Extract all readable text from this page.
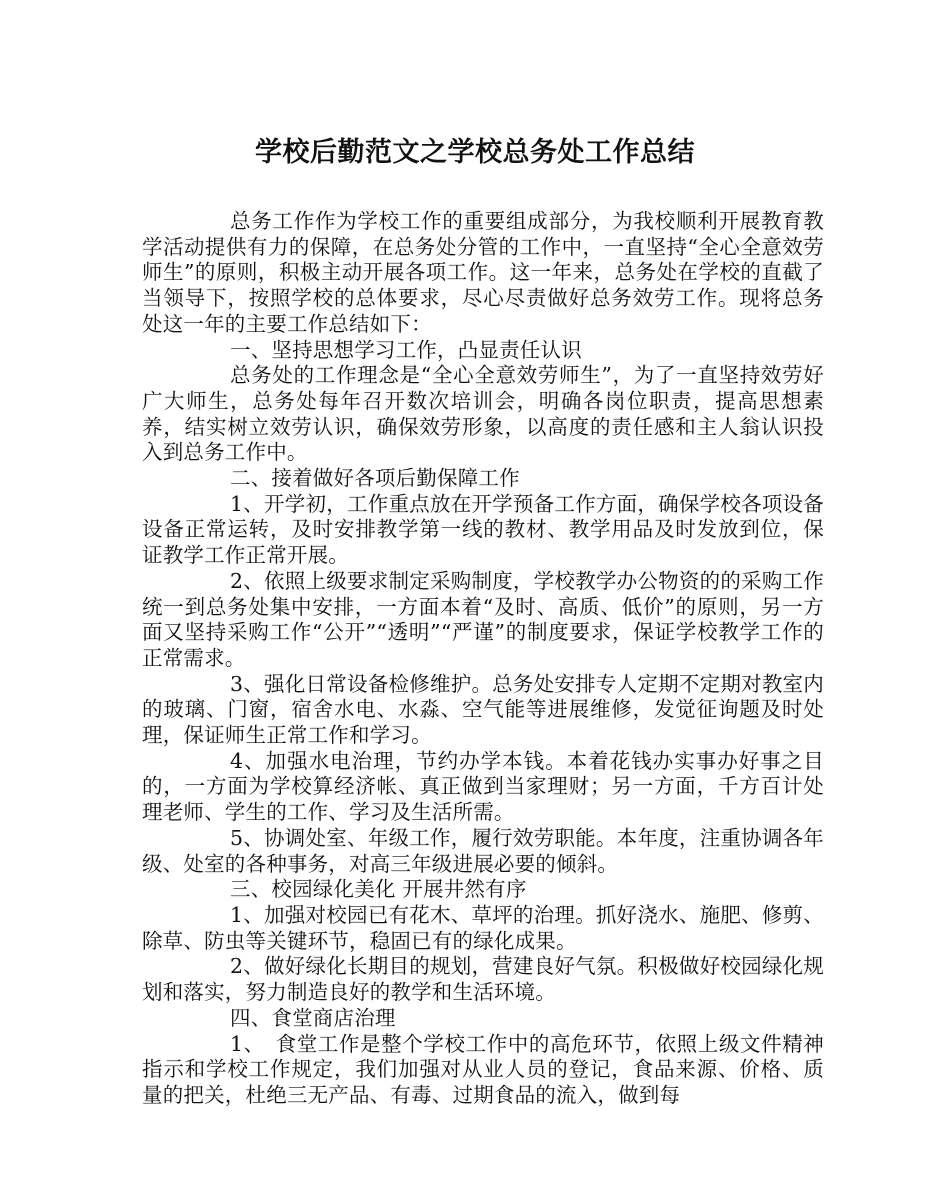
学校后勤范文之学校总务处工作总结

总务工作作为学校工作的重要组成部分，为我校顺利开展教育教学活动提供有力的保障，在总务处分管的工作中，一直坚持“全心全意效劳师生”的原则，积极主动开展各项工作。这一年来，总务处在学校的直截了当领导下，按照学校的总体要求，尽心尽责做好总务效劳工作。现将总务处这一年的主要工作总结如下：

一、坚持思想学习工作，凸显责任认识

总务处的工作理念是“全心全意效劳师生”，为了一直坚持效劳好广大师生，总务处每年召开数次培训会，明确各岗位职责，提高思想素养，结实树立效劳认识，确保效劳形象，以高度的责任感和主人翁认识投入到总务工作中。

二、接着做好各项后勤保障工作

1、开学初，工作重点放在开学预备工作方面，确保学校各项设备设备正常运转，及时安排教学第一线的教材、教学用品及时发放到位，保证教学工作正常开展。

2、依照上级要求制定采购制度，学校教学办公物资的的采购工作统一到总务处集中安排，一方面本着“及时、高质、低价”的原则，另一方面又坚持采购工作“公开”“透明”“严谨”的制度要求，保证学校教学工作的正常需求。

3、强化日常设备检修维护。总务处安排专人定期不定期对教室内的玻璃、门窗，宿舍水电、水淼、空气能等进展维修，发觉征询题及时处理，保证师生正常工作和学习。

4、加强水电治理，节约办学本钱。本着花钱办实事办好事之目的，一方面为学校算经济帐、真正做到当家理财；另一方面，千方百计处理老师、学生的工作、学习及生活所需。

5、协调处室、年级工作，履行效劳职能。本年度，注重协调各年级、处室的各种事务，对高三年级进展必要的倾斜。

三、校园绿化美化 开展井然有序

1、加强对校园已有花木、草坪的治理。抓好浇水、施肥、修剪、除草、防虫等关键环节，稳固已有的绿化成果。

2、做好绿化长期目的规划，营建良好气氛。积极做好校园绿化规划和落实，努力制造良好的教学和生活环境。

四、食堂商店治理

1、　食堂工作是整个学校工作中的高危环节，依照上级文件精神指示和学校工作规定，我们加强对从业人员的登记，食品来源、价格、质量的把关，杜绝三无产品、有毒、过期食品的流入，做到每
